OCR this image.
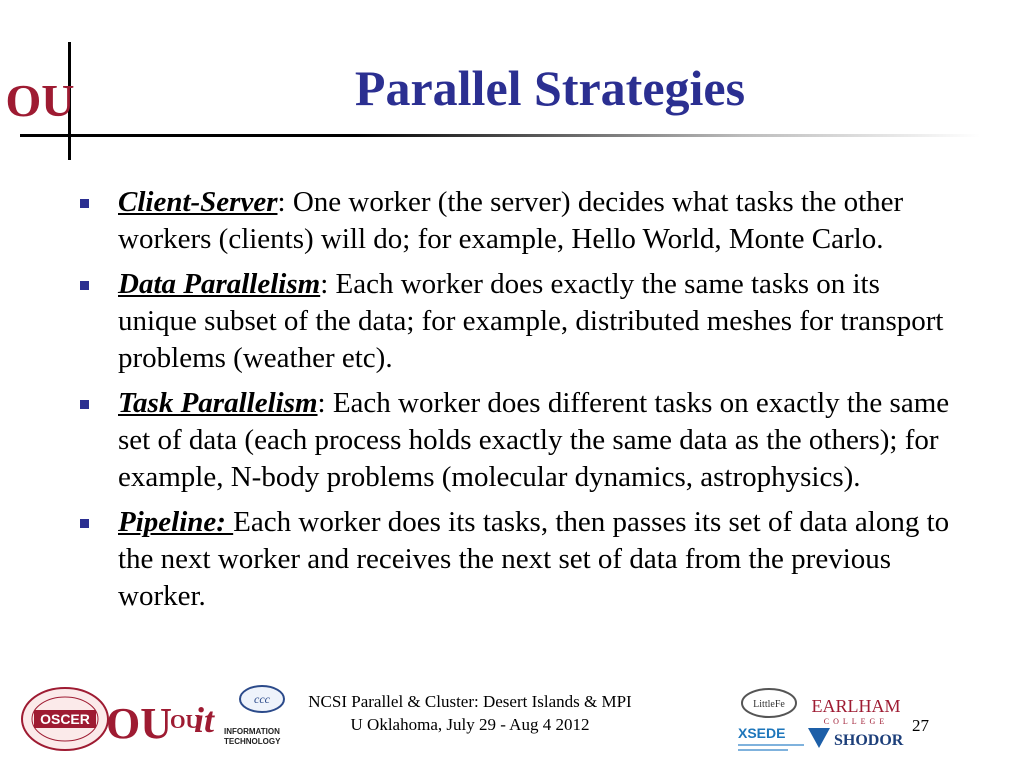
OU	Parallel Strategies
Client-Server: One worker (the server) decides what tasks the other workers (clients) will do; for example, Hello World, Monte Carlo.
Data Parallelism: Each worker does exactly the same tasks on its unique subset of the data; for example, distributed meshes for transport problems (weather etc).
Task Parallelism: Each worker does different tasks on exactly the same set of data (each process holds exactly the same data as the others); for example, N-body problems (molecular dynamics, astrophysics).
Pipeline: Each worker does its tasks, then passes its set of data along to the next worker and receives the next set of data from the previous worker.
OSCER OU
OU
it INFORMATION
TECHNOLOGY
ccc	NCSI Parallel & Cluster: Desert Islands & MPI
U Oklahoma, July 29 - Aug 4 2012
LittleFe EARLHAM
COLLEGE
XSEDE	SHODOR
27
